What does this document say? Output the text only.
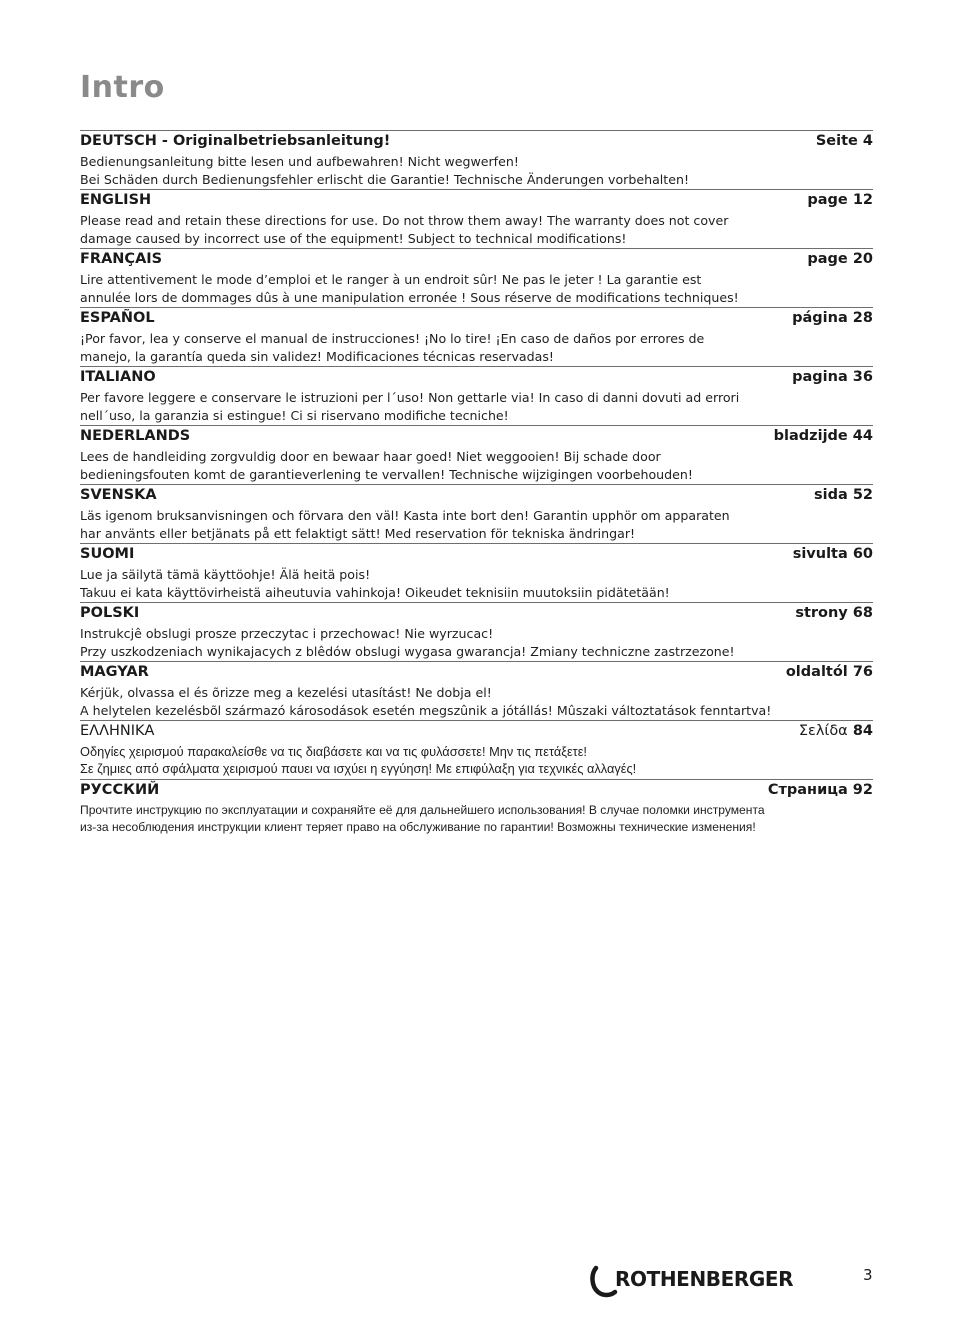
Intro
DEUTSCH - Originalbetriebsanleitung!	Seite 4
Bedienungsanleitung bitte lesen und aufbewahren! Nicht wegwerfen!
Bei Schäden durch Bedienungsfehler erlischt die Garantie! Technische Änderungen vorbehalten!
ENGLISH	page 12
Please read and retain these directions for use. Do not throw them away! The warranty does not cover
damage caused by incorrect use of the equipment! Subject to technical modifications!
FRANÇAIS	page 20
Lire attentivement le mode d’emploi et le ranger à un endroit sûr! Ne pas le jeter ! La garantie est
annulée lors de dommages dûs à une manipulation erronée ! Sous réserve de modifications techniques!
ESPAÑOL	página 28
¡Por favor, lea y conserve el manual de instrucciones! ¡No lo tire! ¡En caso de daños por errores de
manejo, la garantía queda sin validez! Modificaciones técnicas reservadas!
ITALIANO	pagina 36
Per favore leggere e conservare le istruzioni per l´uso! Non gettarle via! In caso di danni dovuti ad errori
nell´uso, la garanzia si estingue! Ci si riservano modifiche tecniche!
NEDERLANDS	bladzijde 44
Lees de handleiding zorgvuldig door en bewaar haar goed! Niet weggooien! Bij schade door
bedieningsfouten komt de garantieverlening te vervallen! Technische wijzigingen voorbehouden!
SVENSKA	sida 52
Läs igenom bruksanvisningen och förvara den väl! Kasta inte bort den! Garantin upphör om apparaten
har använts eller betjänats på ett felaktigt sätt! Med reservation för tekniska ändringar!
SUOMI	sivulta 60
Lue ja säilytä tämä käyttöohje! Älä heitä pois!
Takuu ei kata käyttövirheistä aiheutuvia vahinkoja! Oikeudet teknisiin muutoksiin pidätetään!
POLSKI	strony 68
Instrukcjê obslugi prosze przeczytac i przechowac! Nie wyrzucac!
Przy uszkodzeniach wynikajacych z blêdów obslugi wygasa gwarancja! Zmiany techniczne zastrzezone!
MAGYAR	oldaltól 76
Kérjük, olvassa el és õrizze meg a kezelési utasítást! Ne dobja el!
A helytelen kezelésbõl származó károsodások esetén megszûnik a jótállás! Mûszaki változtatások fenntartva!
ΕΛΛΗΝΙΚΑ	Σελίδα 84
Οδηγίες χειρισμού παρακαλείσθε να τις διαβάσετε και να τις φυλάσσετε! Μην τις πετάξετε!
Σε ζημιες από σφάλματα χειρισμού παυει να ισχύει η εγγύηση! Με επιφύλαξη για τεχνικές αλλαγές!
РУССКИЙ	Страница 92
Прочтите инструкцию по эксплуатации и сохраняйте её для дальнейшего использования! В случае поломки инструмента
из-за несоблюдения инструкции клиент теряет право на обслуживание по гарантии! Возможны технические изменения!
ROTHENBERGER	3
